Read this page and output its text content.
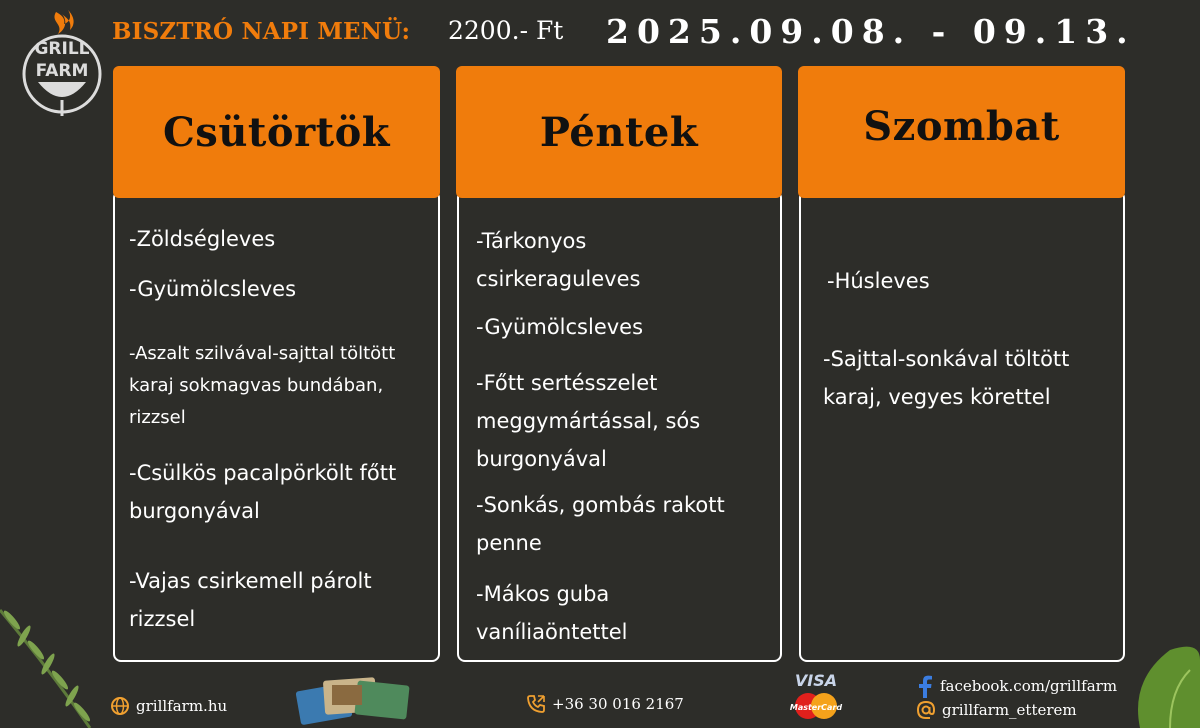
GRILL
FARM
BISZTRÓ NAPI MENÜ: 2200.- Ft 2025.09.08. - 09.13.
Csütörtök
-Zöldségleves
-Gyümölcsleves
-Aszalt szilvával-sajttal töltött karaj sokmagvas bundában, rizzsel
-Csülkös pacalpörkölt főtt burgonyával
-Vajas csirkemell párolt rizzsel
Péntek
-Tárkonyos csirkeraguleves
-Gyümölcsleves
-Főtt sertésszelet meggymártással, sós burgonyával
-Sonkás, gombás rakott penne
-Mákos guba vaníliaöntettel
Szombat
-Húsleves
-Sajttal-sonkával töltött karaj, vegyes körettel
grillfarm.hu	+36 30 016 2167
VISA
MasterCard
facebook.com/grillfarm
grillfarm_etterem
